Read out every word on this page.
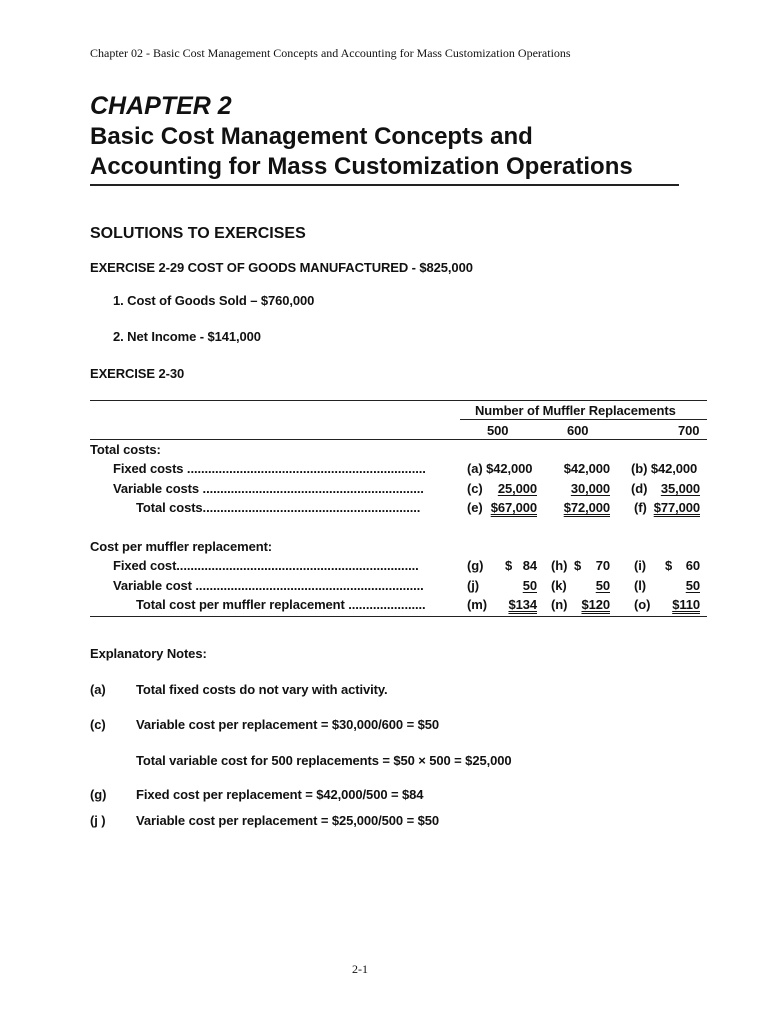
Chapter 02 - Basic Cost Management Concepts and Accounting for Mass Customization Operations
CHAPTER 2
Basic Cost Management Concepts and
Accounting for Mass Customization Operations
SOLUTIONS TO EXERCISES
EXERCISE 2-29 COST OF GOODS MANUFACTURED - $825,000
1. Cost of Goods Sold – $760,000
2. Net Income - $141,000
EXERCISE 2-30
Number of Muffler Replacements
500	600	700
Total costs:
Fixed costs ....................................................................	(a) $42,000 $42,000 (b) $42,000
Variable costs ...............................................................	(c)	25,000	30,000 (d)	35,000
Total costs..............................................................	(e) $67,000 $72,000 (f) $77,000
Cost per muffler replacement:
Fixed cost.....................................................................	(g) $ 84 (h) $	70 (i) $	60
Variable cost .................................................................	(j)	50 (k)	50 (l)	50
Total cost per muffler replacement ......................	(m)	$134 (n)	$120 (o)	$110
Explanatory Notes:
(a) Total fixed costs do not vary with activity.
(c) Variable cost per replacement = $30,000/600 = $50
Total variable cost for 500 replacements = $50 × 500 = $25,000
(g) Fixed cost per replacement = $42,000/500 = $84
(j ) Variable cost per replacement = $25,000/500 = $50
2-1
